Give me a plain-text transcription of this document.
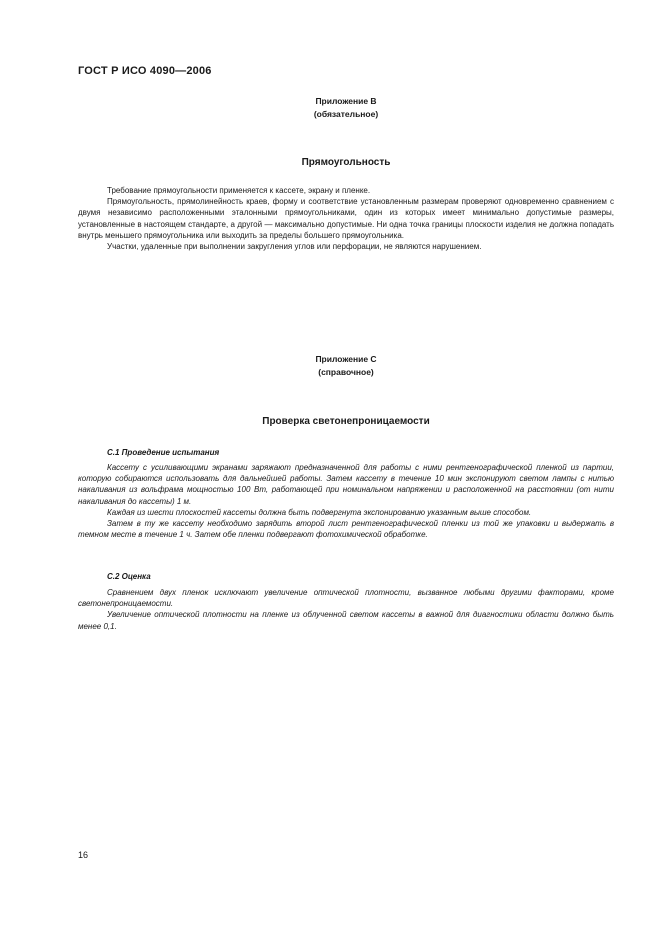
ГОСТ Р ИСО 4090—2006
Приложение В
(обязательное)
Прямоугольность

Требование прямоугольности применяется к кассете, экрану и пленке.

Прямоугольность, прямолинейность краев, форму и соответствие установленным размерам проверяют одновременно сравнением с двумя независимо расположенными эталонными прямоугольниками, один из которых имеет минимально допустимые размеры, установленные в настоящем стандарте, а другой — максимально допустимые. Ни одна точка границы плоскости изделия не должна попадать внутрь меньшего прямоугольника или выходить за пределы большего прямоугольника.

Участки, удаленные при выполнении закругления углов или перфорации, не являются нарушением.

Приложение С
(справочное)
Проверка светонепроницаемости
С.1 Проведение испытания

Кассету с усиливающими экранами заряжают предназначенной для работы с ними рентгенографической пленкой из партии, которую собираются использовать для дальнейшей работы. Затем кассету в течение 10 мин экспонируют светом лампы с нитью накаливания из вольфрама мощностью 100 Вт, работающей при номинальном напряжении и расположенной на расстоянии (от нити накаливания до кассеты) 1 м.

Каждая из шести плоскостей кассеты должна быть подвергнута экспонированию указанным выше способом.

Затем в ту же кассету необходимо зарядить второй лист рентгенографической пленки из той же упаковки и выдержать в темном месте в течение 1 ч. Затем обе пленки подвергают фотохимической обработке.

С.2 Оценка

Сравнением двух пленок исключают увеличение оптической плотности, вызванное любыми другими факторами, кроме светонепроницаемости.

Увеличение оптической плотности на пленке из облученной светом кассеты в важной для диагностики области должно быть менее 0,1.

16
